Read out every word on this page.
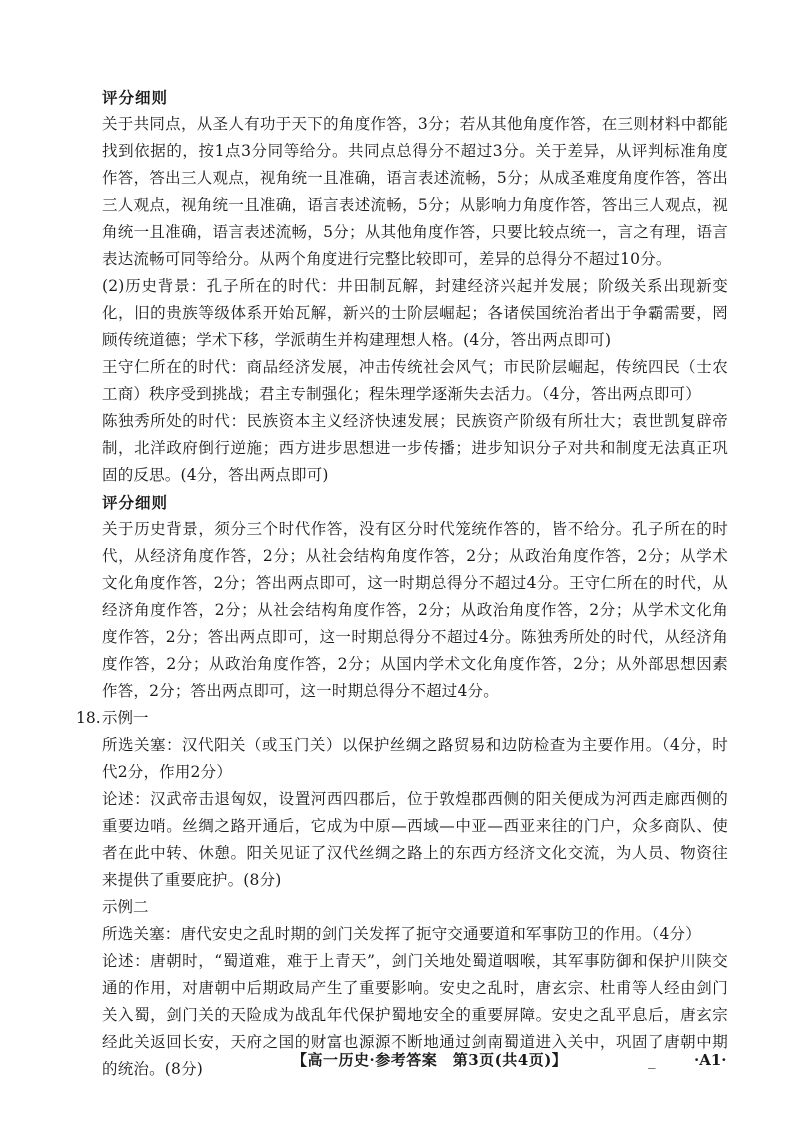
评分细则
关于共同点，从圣人有功于天下的角度作答，3分；若从其他角度作答，在三则材料中都能找到依据的，按1点3分同等给分。共同点总得分不超过3分。关于差异，从评判标准角度作答，答出三人观点，视角统一且准确，语言表述流畅，5分；从成圣难度角度作答，答出三人观点，视角统一且准确，语言表述流畅，5分；从影响力角度作答，答出三人观点，视角统一且准确，语言表述流畅，5分；从其他角度作答，只要比较点统一，言之有理，语言表达流畅可同等给分。从两个角度进行完整比较即可，差异的总得分不超过10分。
(2)历史背景：孔子所在的时代：井田制瓦解，封建经济兴起并发展；阶级关系出现新变化，旧的贵族等级体系开始瓦解，新兴的士阶层崛起；各诸侯国统治者出于争霸需要，罔顾传统道德；学术下移，学派萌生并构建理想人格。(4分，答出两点即可)
王守仁所在的时代：商品经济发展，冲击传统社会风气；市民阶层崛起，传统四民（士农工商）秩序受到挑战；君主专制强化；程朱理学逐渐失去活力。（4分，答出两点即可）
陈独秀所处的时代：民族资本主义经济快速发展；民族资产阶级有所壮大；袁世凯复辟帝制，北洋政府倒行逆施；西方进步思想进一步传播；进步知识分子对共和制度无法真正巩固的反思。(4分，答出两点即可)
评分细则
关于历史背景，须分三个时代作答，没有区分时代笼统作答的，皆不给分。孔子所在的时代，从经济角度作答，2分；从社会结构角度作答，2分；从政治角度作答，2分；从学术文化角度作答，2分；答出两点即可，这一时期总得分不超过4分。王守仁所在的时代，从经济角度作答，2分；从社会结构角度作答，2分；从政治角度作答，2分；从学术文化角度作答，2分；答出两点即可，这一时期总得分不超过4分。陈独秀所处的时代，从经济角度作答，2分；从政治角度作答，2分；从国内学术文化角度作答，2分；从外部思想因素作答，2分；答出两点即可，这一时期总得分不超过4分。
18. 示例一
所选关塞：汉代阳关（或玉门关）以保护丝绸之路贸易和边防检查为主要作用。（4分，时代2分，作用2分）
论述：汉武帝击退匈奴，设置河西四郡后，位于敦煌郡西侧的阳关便成为河西走廊西侧的重要边哨。丝绸之路开通后，它成为中原—西域—中亚—西亚来往的门户，众多商队、使者在此中转、休憩。阳关见证了汉代丝绸之路上的东西方经济文化交流，为人员、物资往来提供了重要庇护。(8分)
示例二
所选关塞：唐代安史之乱时期的剑门关发挥了扼守交通要道和军事防卫的作用。（4分）
论述：唐朝时，“蜀道难，难于上青天”，剑门关地处蜀道咽喉，其军事防御和保护川陕交通的作用，对唐朝中后期政局产生了重要影响。安史之乱时，唐玄宗、杜甫等人经由剑门关入蜀，剑门关的天险成为战乱年代保护蜀地安全的重要屏障。安史之乱平息后，唐玄宗经此关返回长安，天府之国的财富也源源不断地通过剑南蜀道进入关中，巩固了唐朝中期的统治。(8分)	【高一历史·参考答案　第3页(共4页)】	_	·A1·
